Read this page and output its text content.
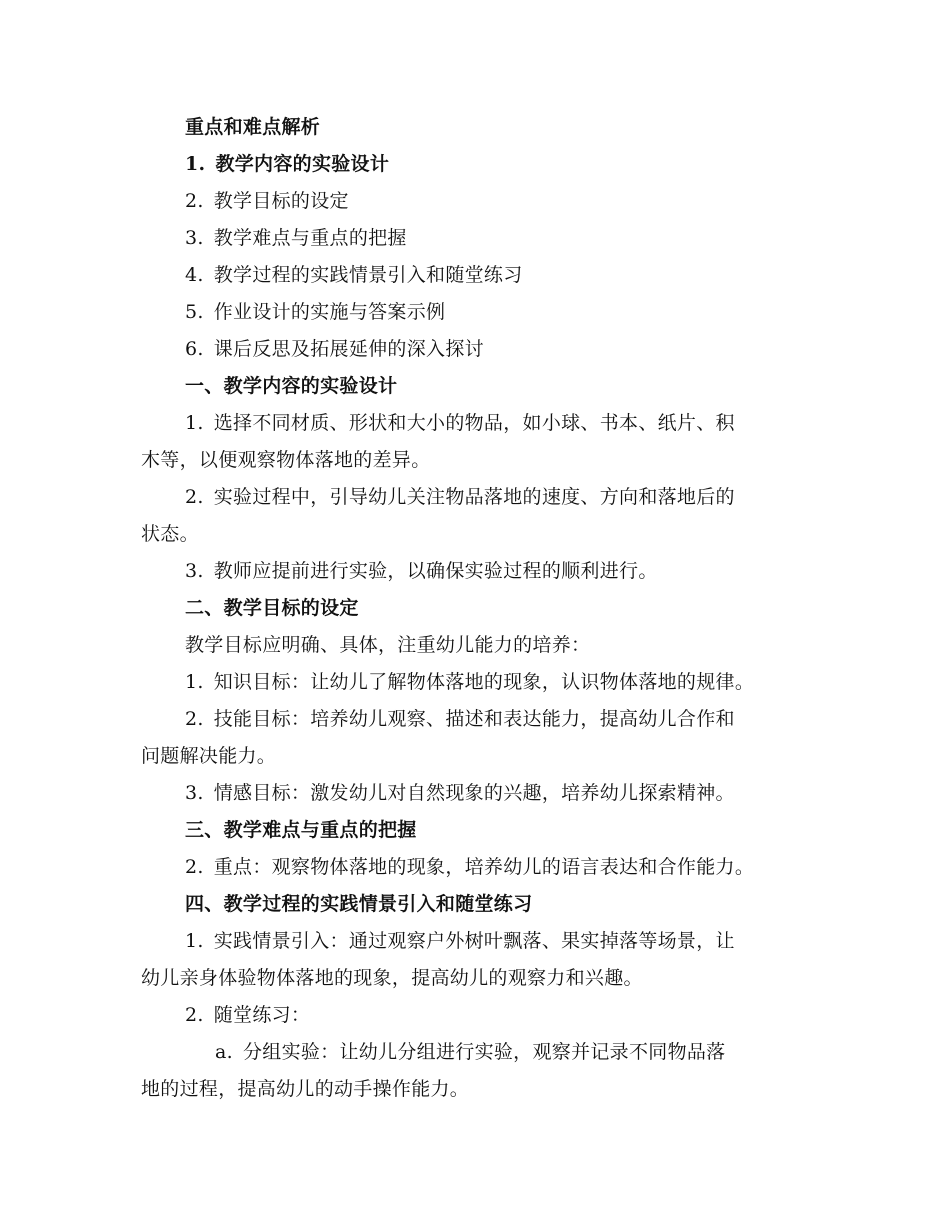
重点和难点解析
1. 教学内容的实验设计
2. 教学目标的设定
3. 教学难点与重点的把握
4. 教学过程的实践情景引入和随堂练习
5. 作业设计的实施与答案示例
6. 课后反思及拓展延伸的深入探讨
一、教学内容的实验设计
1. 选择不同材质、形状和大小的物品，如小球、书本、纸片、积
木等，以便观察物体落地的差异。
2. 实验过程中，引导幼儿关注物品落地的速度、方向和落地后的
状态。
3. 教师应提前进行实验，以确保实验过程的顺利进行。
二、教学目标的设定
教学目标应明确、具体，注重幼儿能力的培养：
1. 知识目标：让幼儿了解物体落地的现象，认识物体落地的规律。
2. 技能目标：培养幼儿观察、描述和表达能力，提高幼儿合作和
问题解决能力。
3. 情感目标：激发幼儿对自然现象的兴趣，培养幼儿探索精神。
三、教学难点与重点的把握
2. 重点：观察物体落地的现象，培养幼儿的语言表达和合作能力。
四、教学过程的实践情景引入和随堂练习
1. 实践情景引入：通过观察户外树叶飘落、果实掉落等场景，让
幼儿亲身体验物体落地的现象，提高幼儿的观察力和兴趣。
2. 随堂练习：
a. 分组实验：让幼儿分组进行实验，观察并记录不同物品落
地的过程，提高幼儿的动手操作能力。
